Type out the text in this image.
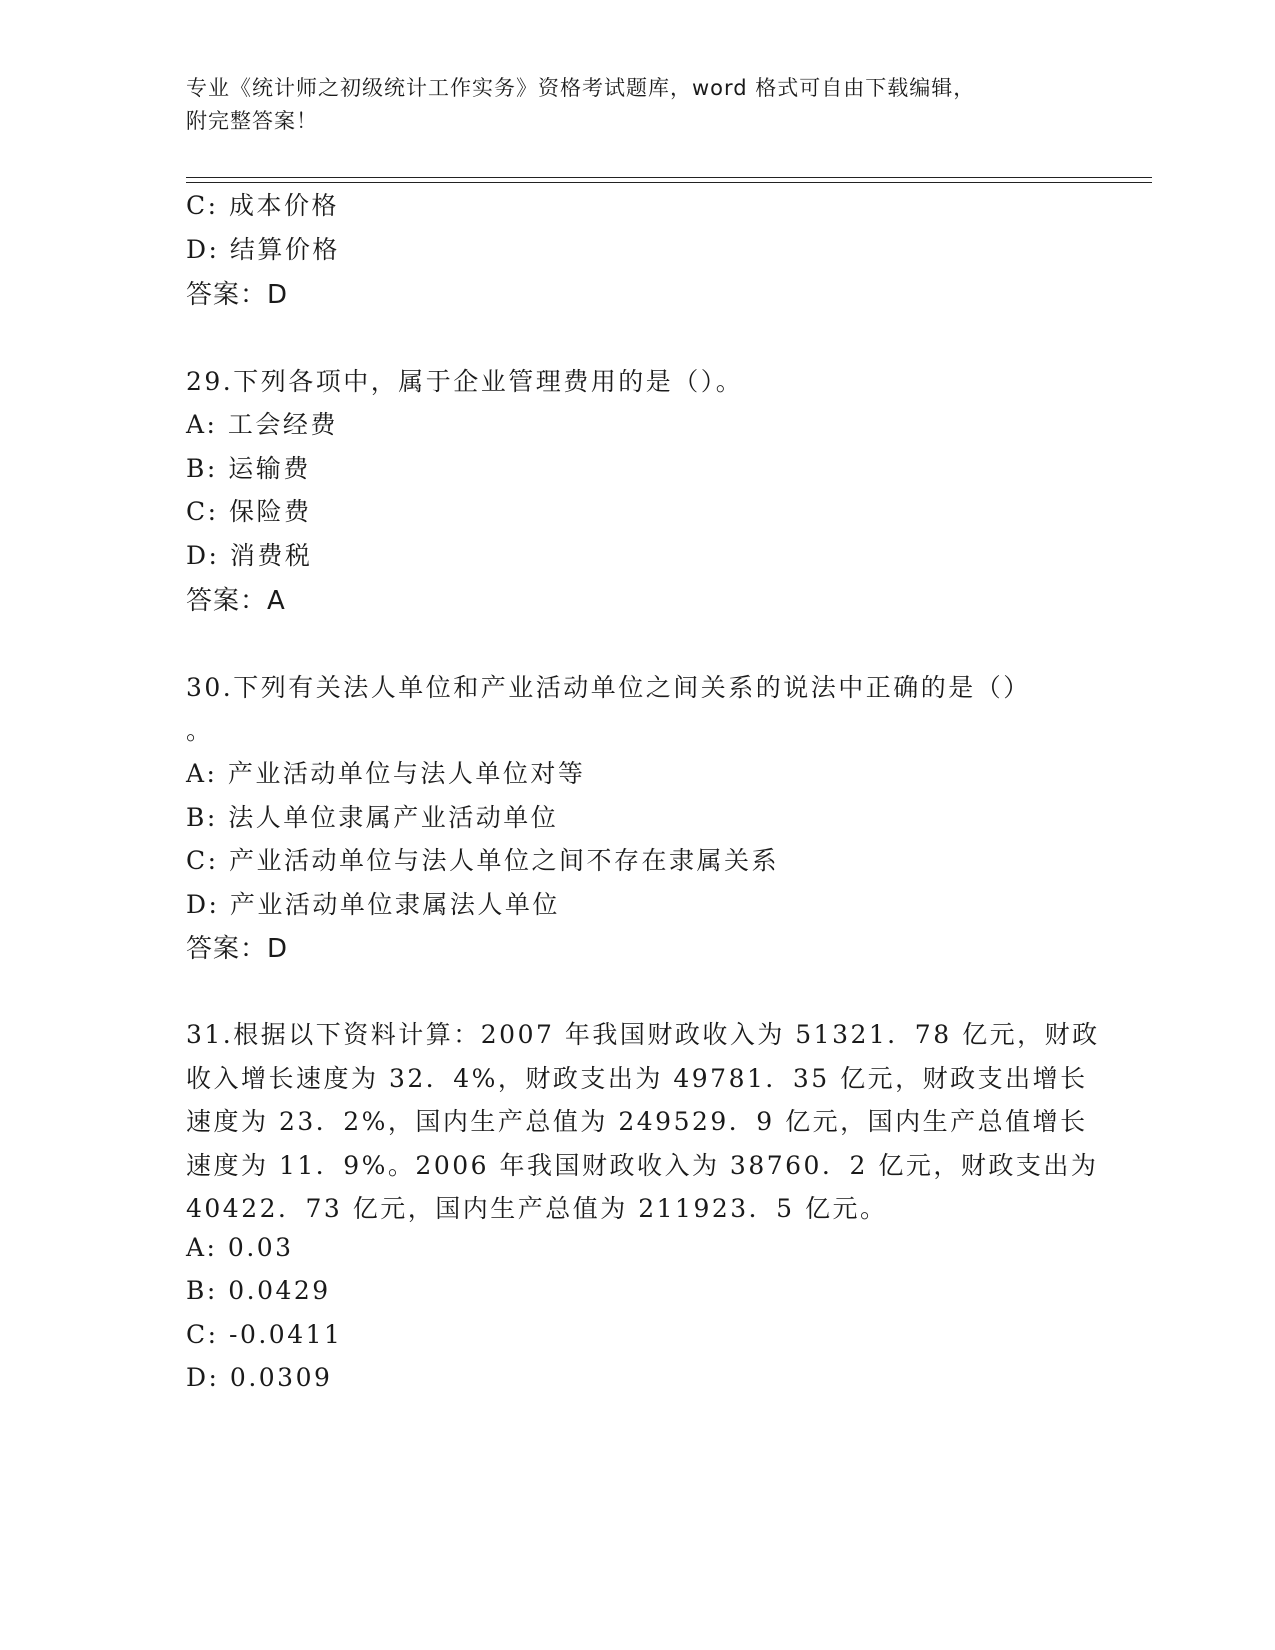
专业《统计师之初级统计工作实务》资格考试题库，word 格式可自由下载编辑，
附完整答案！
C: 成本价格
D: 结算价格
答案：D
29.下列各项中，属于企业管理费用的是（）。
A: 工会经费
B: 运输费
C: 保险费
D: 消费税
答案：A
30.下列有关法人单位和产业活动单位之间关系的说法中正确的是（）
。
A: 产业活动单位与法人单位对等
B: 法人单位隶属产业活动单位
C: 产业活动单位与法人单位之间不存在隶属关系
D: 产业活动单位隶属法人单位
答案：D
31.根据以下资料计算：2007 年我国财政收入为 51321．78 亿元，财政
收入增长速度为 32．4%，财政支出为 49781．35 亿元，财政支出增长
速度为 23．2%，国内生产总值为 249529．9 亿元，国内生产总值增长
速度为 11．9%。2006 年我国财政收入为 38760．2 亿元，财政支出为
40422．73 亿元，国内生产总值为 211923．5 亿元。
A: 0.03
B: 0.0429
C: -0.0411
D: 0.0309
